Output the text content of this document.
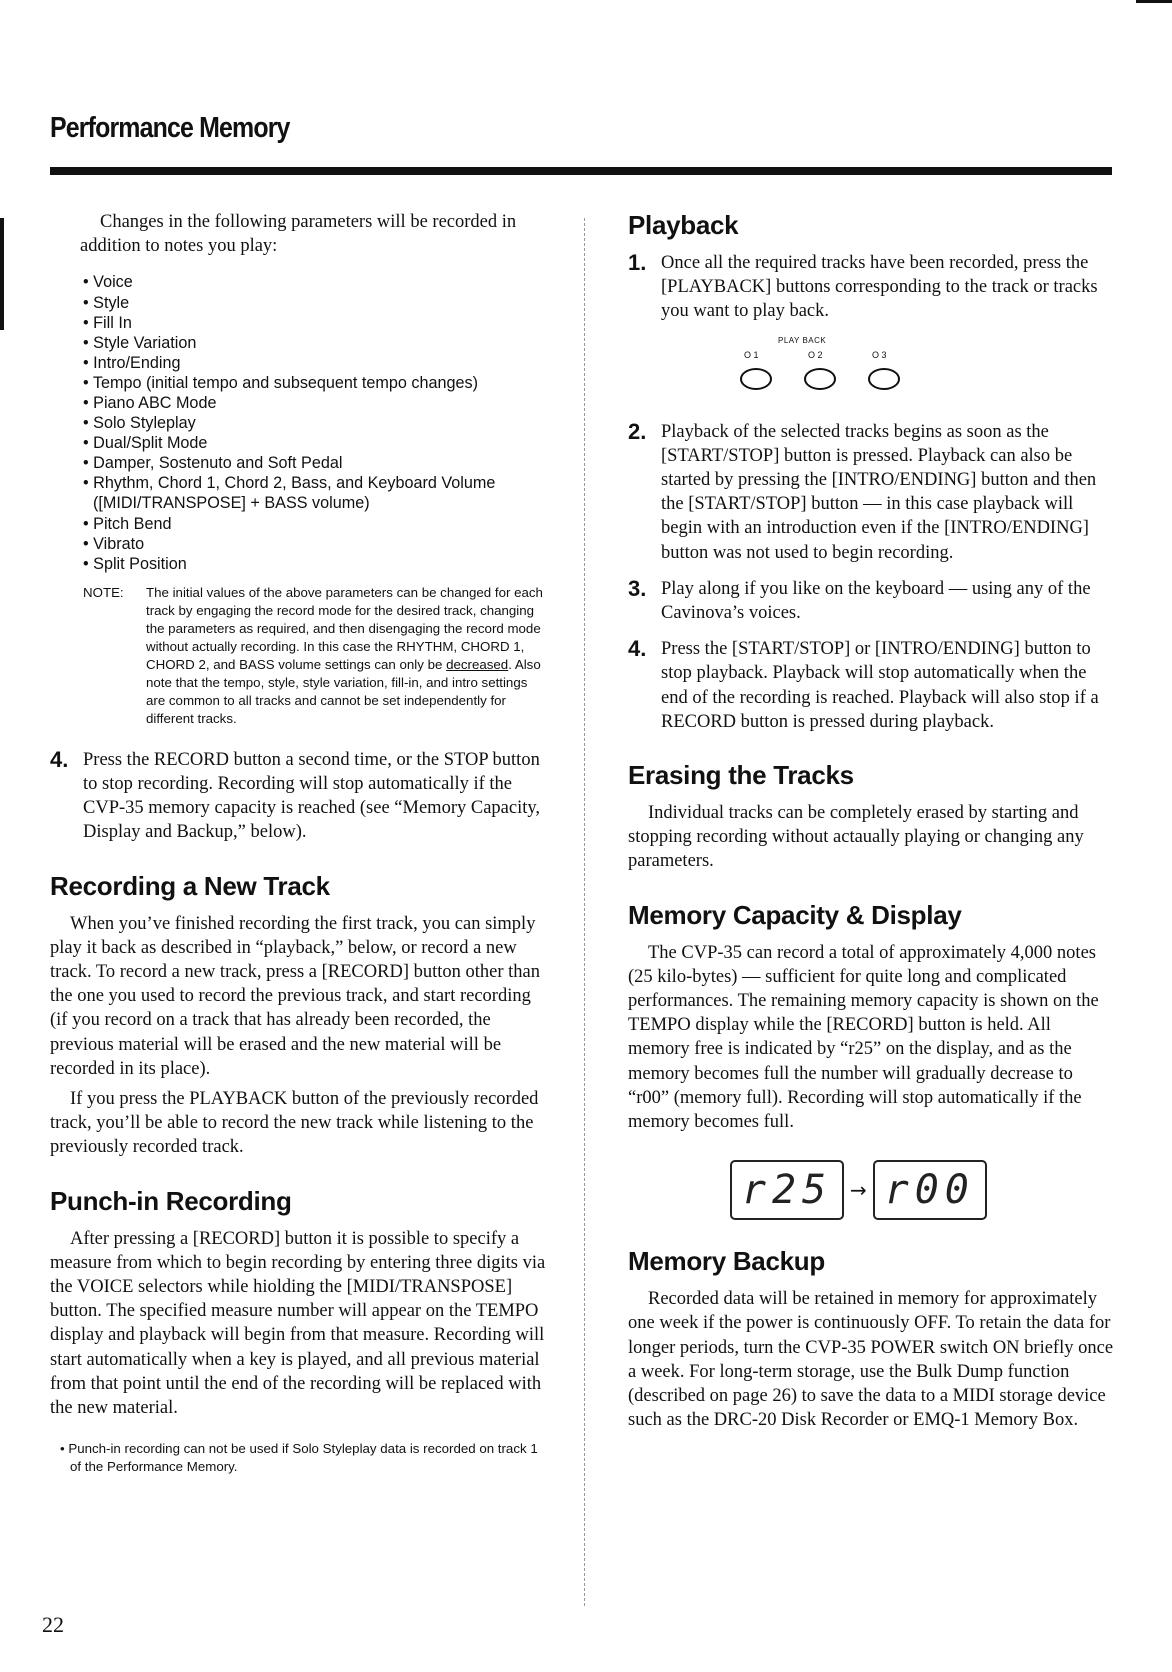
Performance Memory

Changes in the following parameters will be recorded in addition to notes you play:

• Voice
• Style
• Fill In
• Style Variation
• Intro/Ending
• Tempo (initial tempo and subsequent tempo changes)
• Piano ABC Mode
• Solo Styleplay
• Dual/Split Mode
• Damper, Sostenuto and Soft Pedal
• Rhythm, Chord 1, Chord 2, Bass, and Keyboard Volume ([MIDI/TRANSPOSE] + BASS volume)
• Pitch Bend
• Vibrato
• Split Position
NOTE:	The initial values of the above parameters can be changed for each track by engaging the record mode for the desired track, changing the parameters as required, and then disengaging the record mode without actually recording. In this case the RHYTHM, CHORD 1, CHORD 2, and BASS volume settings can only be decreased. Also note that the tempo, style, style variation, fill-in, and intro settings are common to all tracks and cannot be set independently for different tracks.
4. Press the RECORD button a second time, or the STOP button to stop recording. Recording will stop automatically if the CVP-35 memory capacity is reached (see “Memory Capacity, Display and Backup,” below).
Recording a New Track

When you’ve finished recording the first track, you can simply play it back as described in “playback,” below, or record a new track. To record a new track, press a [RECORD] button other than the one you used to record the previous track, and start recording (if you record on a track that has already been recorded, the previous material will be erased and the new material will be recorded in its place).

If you press the PLAYBACK button of the previously recorded track, you’ll be able to record the new track while listening to the previously recorded track.

Punch-in Recording

After pressing a [RECORD] button it is possible to specify a measure from which to begin recording by entering three digits via the VOICE selectors while hiolding the [MIDI/TRANSPOSE] button. The specified measure number will appear on the TEMPO display and playback will begin from that measure. Recording will start automatically when a key is played, and all previous material from that point until the end of the recording will be replaced with the new material.

• Punch-in recording can not be used if Solo Styleplay data is recorded on track 1 of the Performance Memory.
Playback
1. Once all the required tracks have been recorded, press the [PLAYBACK] buttons corresponding to the track or tracks you want to play back.
PLAY BACK
O 1	O 2	O 3
2. Playback of the selected tracks begins as soon as the [START/STOP] button is pressed. Playback can also be started by pressing the [INTRO/ENDING] button and then the [START/STOP] button — in this case playback will begin with an introduction even if the [INTRO/ENDING] button was not used to begin recording.
3. Play along if you like on the keyboard — using any of the Cavinova’s voices.
4. Press the [START/STOP] or [INTRO/ENDING] button to stop playback. Playback will stop automatically when the end of the recording is reached. Playback will also stop if a RECORD button is pressed during playback.
Erasing the Tracks

Individual tracks can be completely erased by starting and stopping recording without actaually playing or changing any parameters.

Memory Capacity & Display

The CVP-35 can record a total of approximately 4,000 notes (25 kilo-bytes) — sufficient for quite long and complicated performances. The remaining memory capacity is shown on the TEMPO display while the [RECORD] button is held. All memory free is indicated by “r25” on the display, and as the memory becomes full the number will gradually decrease to “r00” (memory full). Recording will stop automatically if the memory becomes full.

r25 → r00
Memory Backup

Recorded data will be retained in memory for approximately one week if the power is continuously OFF. To retain the data for longer periods, turn the CVP-35 POWER switch ON briefly once a week. For long-term storage, use the Bulk Dump function (described on page 26) to save the data to a MIDI storage device such as the DRC-20 Disk Recorder or EMQ-1 Memory Box.

22
